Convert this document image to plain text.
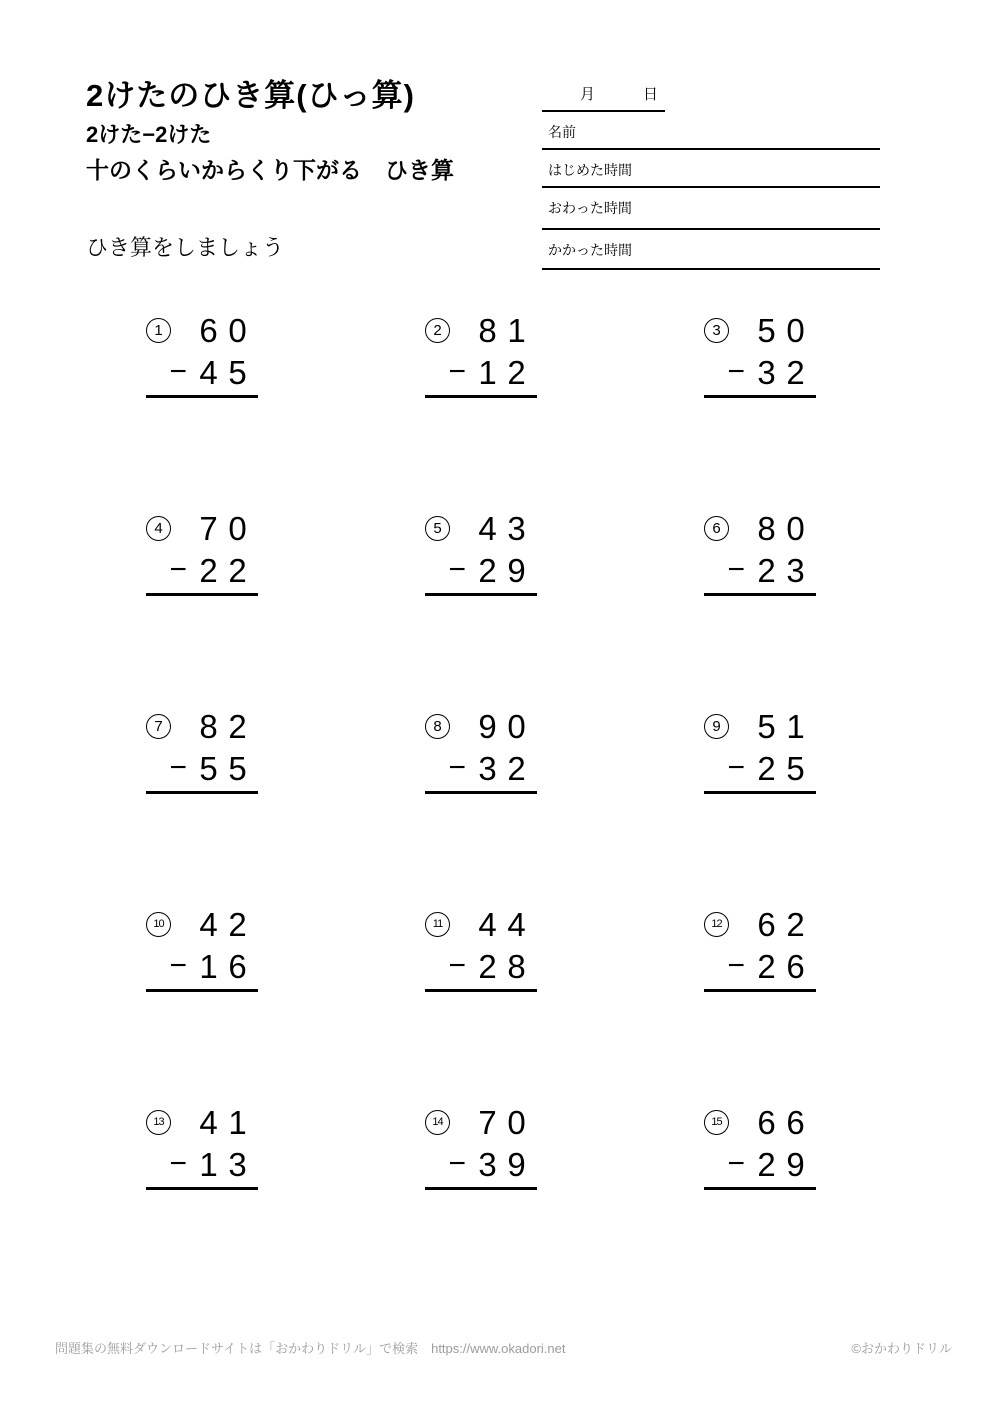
2けたのひき算(ひっ算)
2けた−2けた
十のくらいからくり下がる　ひき算
ひき算をしましょう
月	日
名前
はじめた時間
おわった時間
かかった時間
1 6 0
− 4 5
2 8 1
− 1 2
3 5 0
− 3 2
4 7 0
− 2 2
5 4 3
− 2 9
6 8 0
− 2 3
7 8 2
− 5 5
8 9 0
− 3 2
9 5 1
− 2 5
10 4 2
− 1 6
11 4 4
− 2 8
12 6 2
− 2 6
13 4 1
− 1 3
14 7 0
− 3 9
15 6 6
− 2 9
問題集の無料ダウンロードサイトは「おかわりドリル」で検索　https://www.okadori.net	©おかわりドリル
